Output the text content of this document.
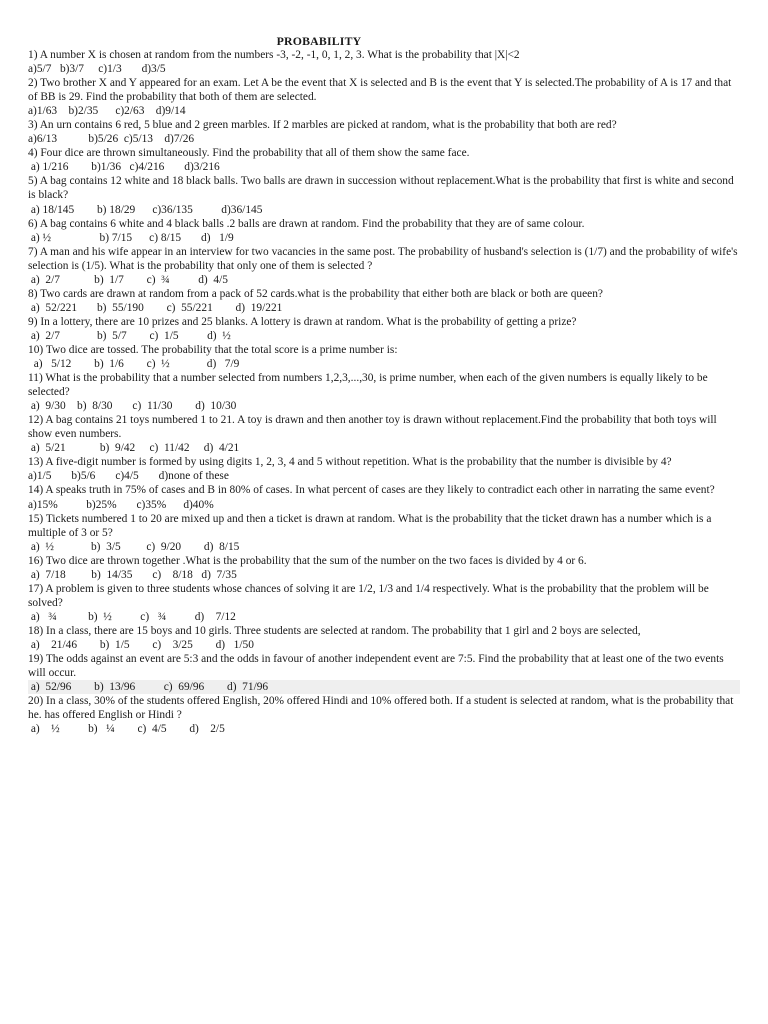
PROBABILITY

1) A number X is chosen at random from the numbers -3, -2, -1, 0, 1, 2, 3. What is the probability that |X|<2

a)5/7   b)3/7     c)1/3       d)3/5

2) Two brother X and Y appeared for an exam. Let A be the event that X is selected and B is the event that Y is selected.The probability of A is 17 and that of BB is 29. Find the probability that both of them are selected.

a)1/63    b)2/35      c)2/63    d)9/14

3) An urn contains 6 red, 5 blue and 2 green marbles. If 2 marbles are picked at random, what is the probability that both are red?

a)6/13           b)5/26  c)5/13    d)7/26

4) Four dice are thrown simultaneously. Find the probability that all of them show the same face.

a) 1/216        b)1/36   c)4/216       d)3/216

5) A bag contains 12 white and 18 black balls. Two balls are drawn in succession without replacement.What is the probability that first is white and second is black?

a) 18/145        b) 18/29      c)36/135          d)36/145

6) A bag contains 6 white and 4 black balls .2 balls are drawn at random. Find the probability that they are of same colour.

a) ½                 b) 7/15      c) 8/15       d)   1/9

7) A man and his wife appear in an interview for two vacancies in the same post. The probability of husband's selection is (1/7) and the probability of wife's selection is (1/5). What is the probability that only one of them is selected ?

a)  2/7            b)  1/7        c)  ¾          d)  4/5

8) Two cards are drawn at random from a pack of 52 cards.what is the probability that either both are black or both are queen?

a)  52/221       b)  55/190        c)  55/221        d)  19/221

9) In a lottery, there are 10 prizes and 25 blanks. A lottery is drawn at random. What is the probability of getting a prize?

a)  2/7             b)  5/7        c)  1/5          d)  ½

10) Two dice are tossed. The probability that the total score is a prime number is:

a)   5/12        b)  1/6        c)  ½             d)   7/9

11) What is the probability that a number selected from numbers 1,2,3,...,30, is prime number, when each of the given numbers is equally likely to be selected?

a)  9/30    b)  8/30       c)  11/30        d)  10/30

12) A bag contains 21 toys numbered 1 to 21. A toy is drawn and then another toy is drawn without replacement.Find the probability that both toys will show even numbers.

a)  5/21            b)  9/42     c)  11/42     d)  4/21

13) A five-digit number is formed by using digits 1, 2, 3, 4 and 5 without repetition. What is the probability that the number is divisible by 4?

a)1/5       b)5/6       c)4/5       d)none of these

14) A speaks truth in 75% of cases and B in 80% of cases. In what percent of cases are they likely to contradict each other in narrating the same event?

a)15%          b)25%       c)35%      d)40%

15) Tickets numbered 1 to 20 are mixed up and then a ticket is drawn at random. What is the probability that the ticket drawn has a number which is a multiple of 3 or 5?

a)  ½             b)  3/5         c)  9/20        d)  8/15

16) Two dice are thrown together .What is the probability that the sum of the number on the two faces is divided by 4 or 6.

a)  7/18         b)  14/35       c)    8/18   d)  7/35

17) A problem is given to three students whose chances of solving it are 1/2, 1/3 and 1/4 respectively. What is the probability that the problem will be solved?

a)   ¾           b)  ½          c)   ¾          d)    7/12

18) In a class, there are 15 boys and 10 girls. Three students are selected at random. The probability that 1 girl and 2 boys are selected,

a)    21/46        b)  1/5        c)    3/25        d)   1/50

19) The odds against an event are 5:3 and the odds in favour of another independent event are 7:5. Find the probability that at least one of the two events will occur.

a)  52/96        b)  13/96          c)  69/96        d)  71/96

20) In a class, 30% of the students offered English, 20% offered Hindi and 10% offered both. If a student is selected at random, what is the probability that he. has offered English or Hindi ?

a)    ½          b)   ¼        c)  4/5        d)    2/5
